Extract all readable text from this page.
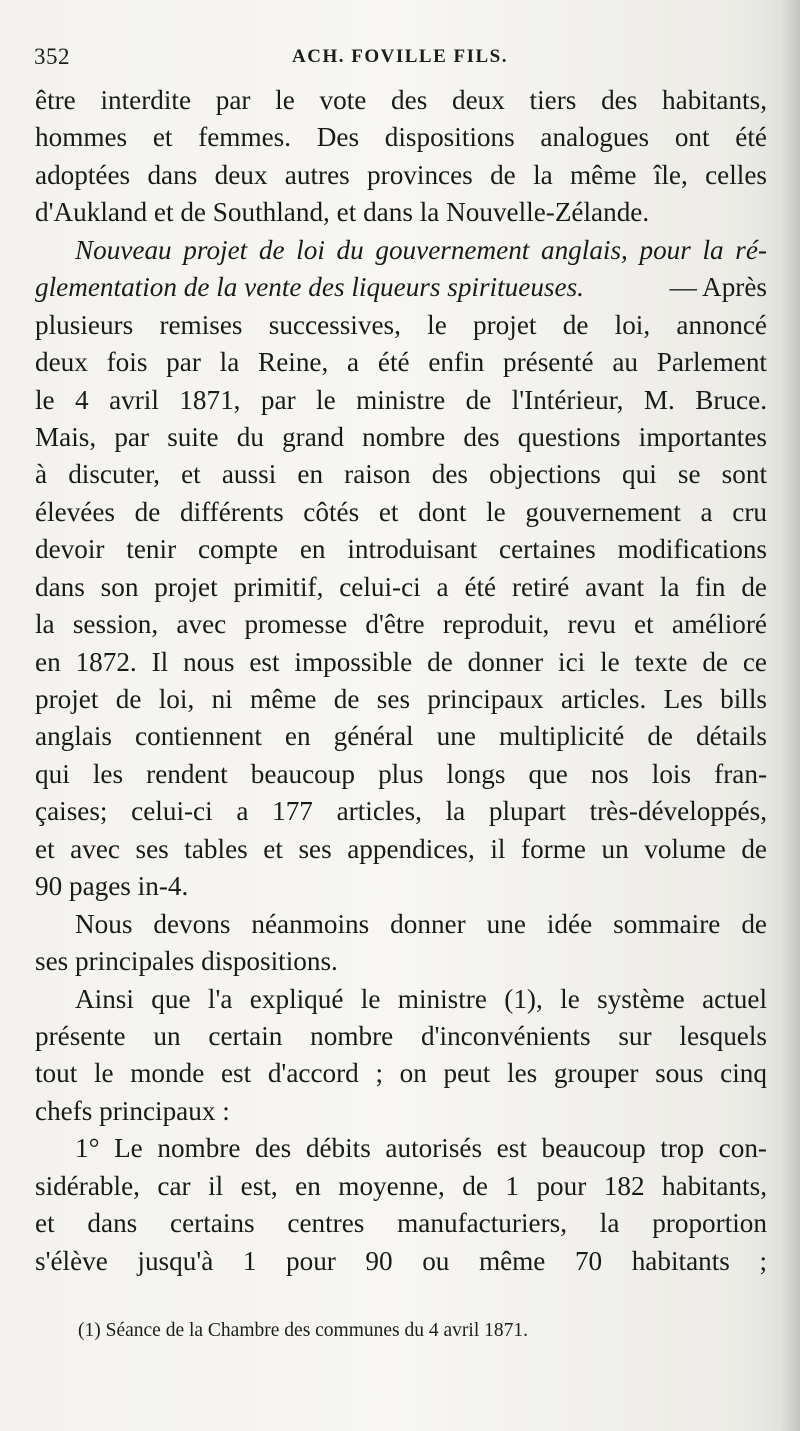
352	ACH. FOVILLE FILS.
être interdite par le vote des deux tiers des habitants,
hommes et femmes. Des dispositions analogues ont été
adoptées dans deux autres provinces de la même île, celles
d'Aukland et de Southland, et dans la Nouvelle-Zélande.
Nouveau projet de loi du gouvernement anglais, pour la ré-
glementation de la vente des liqueurs spiritueuses.	— Après
plusieurs remises successives, le projet de loi, annoncé
deux fois par la Reine, a été enfin présenté au Parlement
le 4 avril 1871, par le ministre de l'Intérieur, M. Bruce.
Mais, par suite du grand nombre des questions importantes
à discuter, et aussi en raison des objections qui se sont
élevées de différents côtés et dont le gouvernement a cru
devoir tenir compte en introduisant certaines modifications
dans son projet primitif, celui-ci a été retiré avant la fin de
la session, avec promesse d'être reproduit, revu et amélioré
en 1872. Il nous est impossible de donner ici le texte de ce
projet de loi, ni même de ses principaux articles. Les bills
anglais contiennent en général une multiplicité de détails
qui les rendent beaucoup plus longs que nos lois fran-
çaises; celui-ci a 177 articles, la plupart très-développés,
et avec ses tables et ses appendices, il forme un volume de
90 pages in-4.
Nous devons néanmoins donner une idée sommaire de
ses principales dispositions.
Ainsi que l'a expliqué le ministre (1), le système actuel
présente un certain nombre d'inconvénients sur lesquels
tout le monde est d'accord ; on peut les grouper sous cinq
chefs principaux :
1° Le nombre des débits autorisés est beaucoup trop con-
sidérable, car il est, en moyenne, de 1 pour 182 habitants,
et dans certains centres manufacturiers, la proportion
s'élève jusqu'à 1 pour 90 ou même 70 habitants ;
(1) Séance de la Chambre des communes du 4 avril 1871.
